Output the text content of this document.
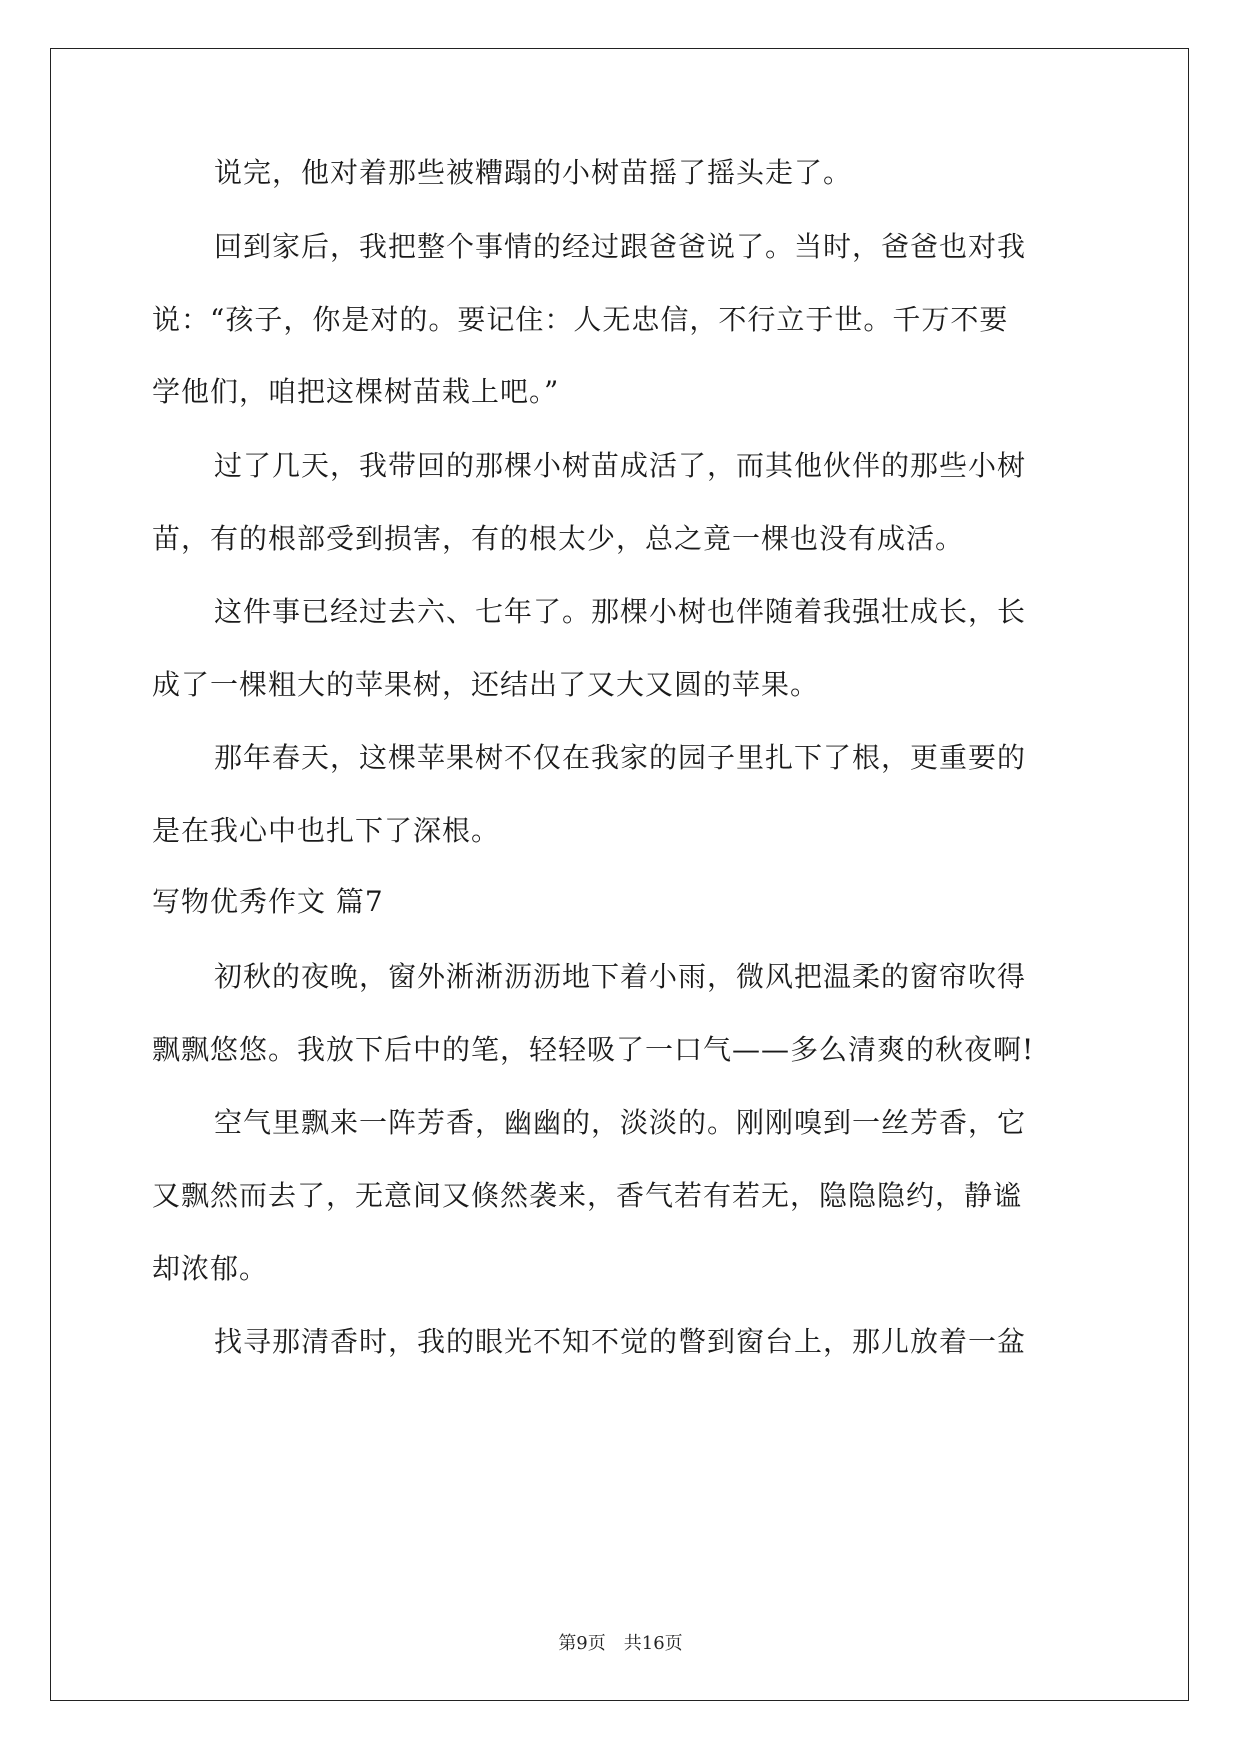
说完，他对着那些被糟蹋的小树苗摇了摇头走了。
回到家后，我把整个事情的经过跟爸爸说了。当时，爸爸也对我
说：“孩子，你是对的。要记住：人无忠信，不行立于世。千万不要
学他们，咱把这棵树苗栽上吧。”
过了几天，我带回的那棵小树苗成活了，而其他伙伴的那些小树
苗，有的根部受到损害，有的根太少，总之竟一棵也没有成活。
这件事已经过去六、七年了。那棵小树也伴随着我强壮成长，长
成了一棵粗大的苹果树，还结出了又大又圆的苹果。
那年春天，这棵苹果树不仅在我家的园子里扎下了根，更重要的
是在我心中也扎下了深根。
写物优秀作文 篇7
初秋的夜晚，窗外淅淅沥沥地下着小雨，微风把温柔的窗帘吹得
飘飘悠悠。我放下后中的笔，轻轻吸了一口气——多么清爽的秋夜啊!
空气里飘来一阵芳香，幽幽的，淡淡的。刚刚嗅到一丝芳香，它
又飘然而去了，无意间又倏然袭来，香气若有若无，隐隐隐约，静谧
却浓郁。
找寻那清香时，我的眼光不知不觉的瞥到窗台上，那儿放着一盆
第9页 共16页
